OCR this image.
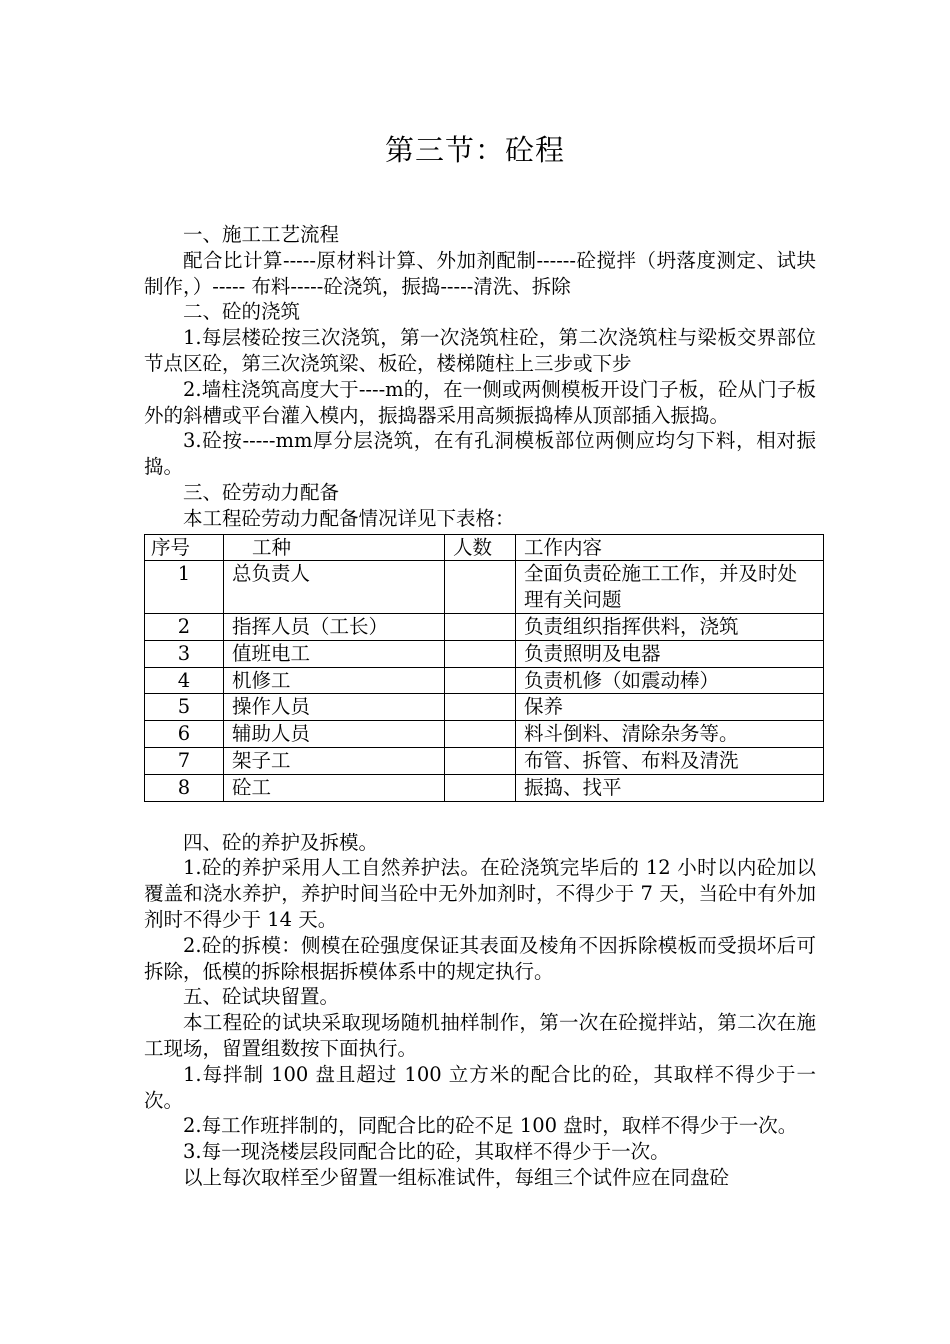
第三节：砼程

一、施工工艺流程

配合比计算-----原材料计算、外加剂配制------砼搅拌（坍落度测定、试块制作，）----- 布料-----砼浇筑，振捣-----清洗、拆除

二、砼的浇筑

1.每层楼砼按三次浇筑，第一次浇筑柱砼，第二次浇筑柱与梁板交界部位节点区砼，第三次浇筑梁、板砼，楼梯随柱上三步或下步

2.墙柱浇筑高度大于----m的，在一侧或两侧模板开设门子板，砼从门子板外的斜槽或平台灌入模内，振捣器采用高频振捣棒从顶部插入振捣。

3.砼按-----mm厚分层浇筑，在有孔洞模板部位两侧应均匀下料，相对振捣。

三、砼劳动力配备

本工程砼劳动力配备情况详见下表格：

序号	工种	人数	工作内容
1	总负责人		全面负责砼施工工作，并及时处理有关问题
2	指挥人员（工长）		负责组织指挥供料，浇筑
3	值班电工		负责照明及电器
4	机修工		负责机修（如震动棒）
5	操作人员		保养
6	辅助人员		料斗倒料、清除杂务等。
7	架子工		布管、拆管、布料及清洗
8	砼工		振捣、找平

四、砼的养护及拆模。

1.砼的养护采用人工自然养护法。在砼浇筑完毕后的 12 小时以内砼加以覆盖和浇水养护，养护时间当砼中无外加剂时，不得少于 7 天，当砼中有外加剂时不得少于 14 天。

2.砼的拆模：侧模在砼强度保证其表面及棱角不因拆除模板而受损坏后可拆除，低模的拆除根据拆模体系中的规定执行。

五、砼试块留置。

本工程砼的试块采取现场随机抽样制作，第一次在砼搅拌站，第二次在施工现场，留置组数按下面执行。

1.每拌制 100 盘且超过 100 立方米的配合比的砼，其取样不得少于一次。

2.每工作班拌制的，同配合比的砼不足 100 盘时，取样不得少于一次。

3.每一现浇楼层段同配合比的砼，其取样不得少于一次。

以上每次取样至少留置一组标准试件，每组三个试件应在同盘砼
